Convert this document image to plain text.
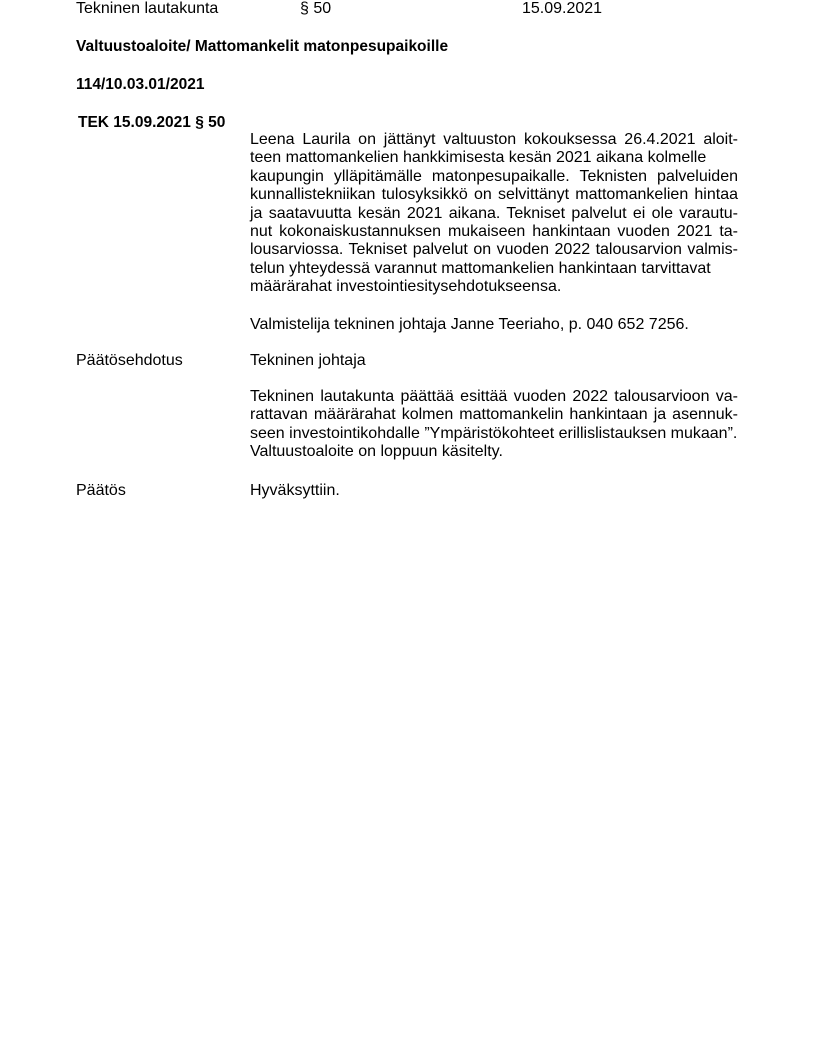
Tekninen lautakunta	§ 50	15.09.2021
Valtuustoaloite/ Mattomankelit matonpesupaikoille
114/10.03.01/2021
TEK 15.09.2021 § 50
Leena Laurila on jättänyt valtuuston kokouksessa 26.4.2021 aloit-
teen mattomankelien hankkimisesta kesän 2021 aikana kolmelle
kaupungin ylläpitämälle matonpesupaikalle. Teknisten palveluiden
kunnallistekniikan tulosyksikkö on selvittänyt mattomankelien hintaa
ja saatavuutta kesän 2021 aikana. Tekniset palvelut ei ole varautu-
nut kokonaiskustannuksen mukaiseen hankintaan vuoden 2021 ta-
lousarviossa. Tekniset palvelut on vuoden 2022 talousarvion valmis-
telun yhteydessä varannut mattomankelien hankintaan tarvittavat
määrärahat investointiesitysehdotukseensa.
Valmistelija tekninen johtaja Janne Teeriaho, p. 040 652 7256.
Päätösehdotus	Tekninen johtaja
Tekninen lautakunta päättää esittää vuoden 2022 talousarvioon va-
rattavan määrärahat kolmen mattomankelin hankintaan ja asennuk-
seen investointikohdalle ”Ympäristökohteet erillislistauksen mukaan”.
Valtuustoaloite on loppuun käsitelty.
Päätös	Hyväksyttiin.
